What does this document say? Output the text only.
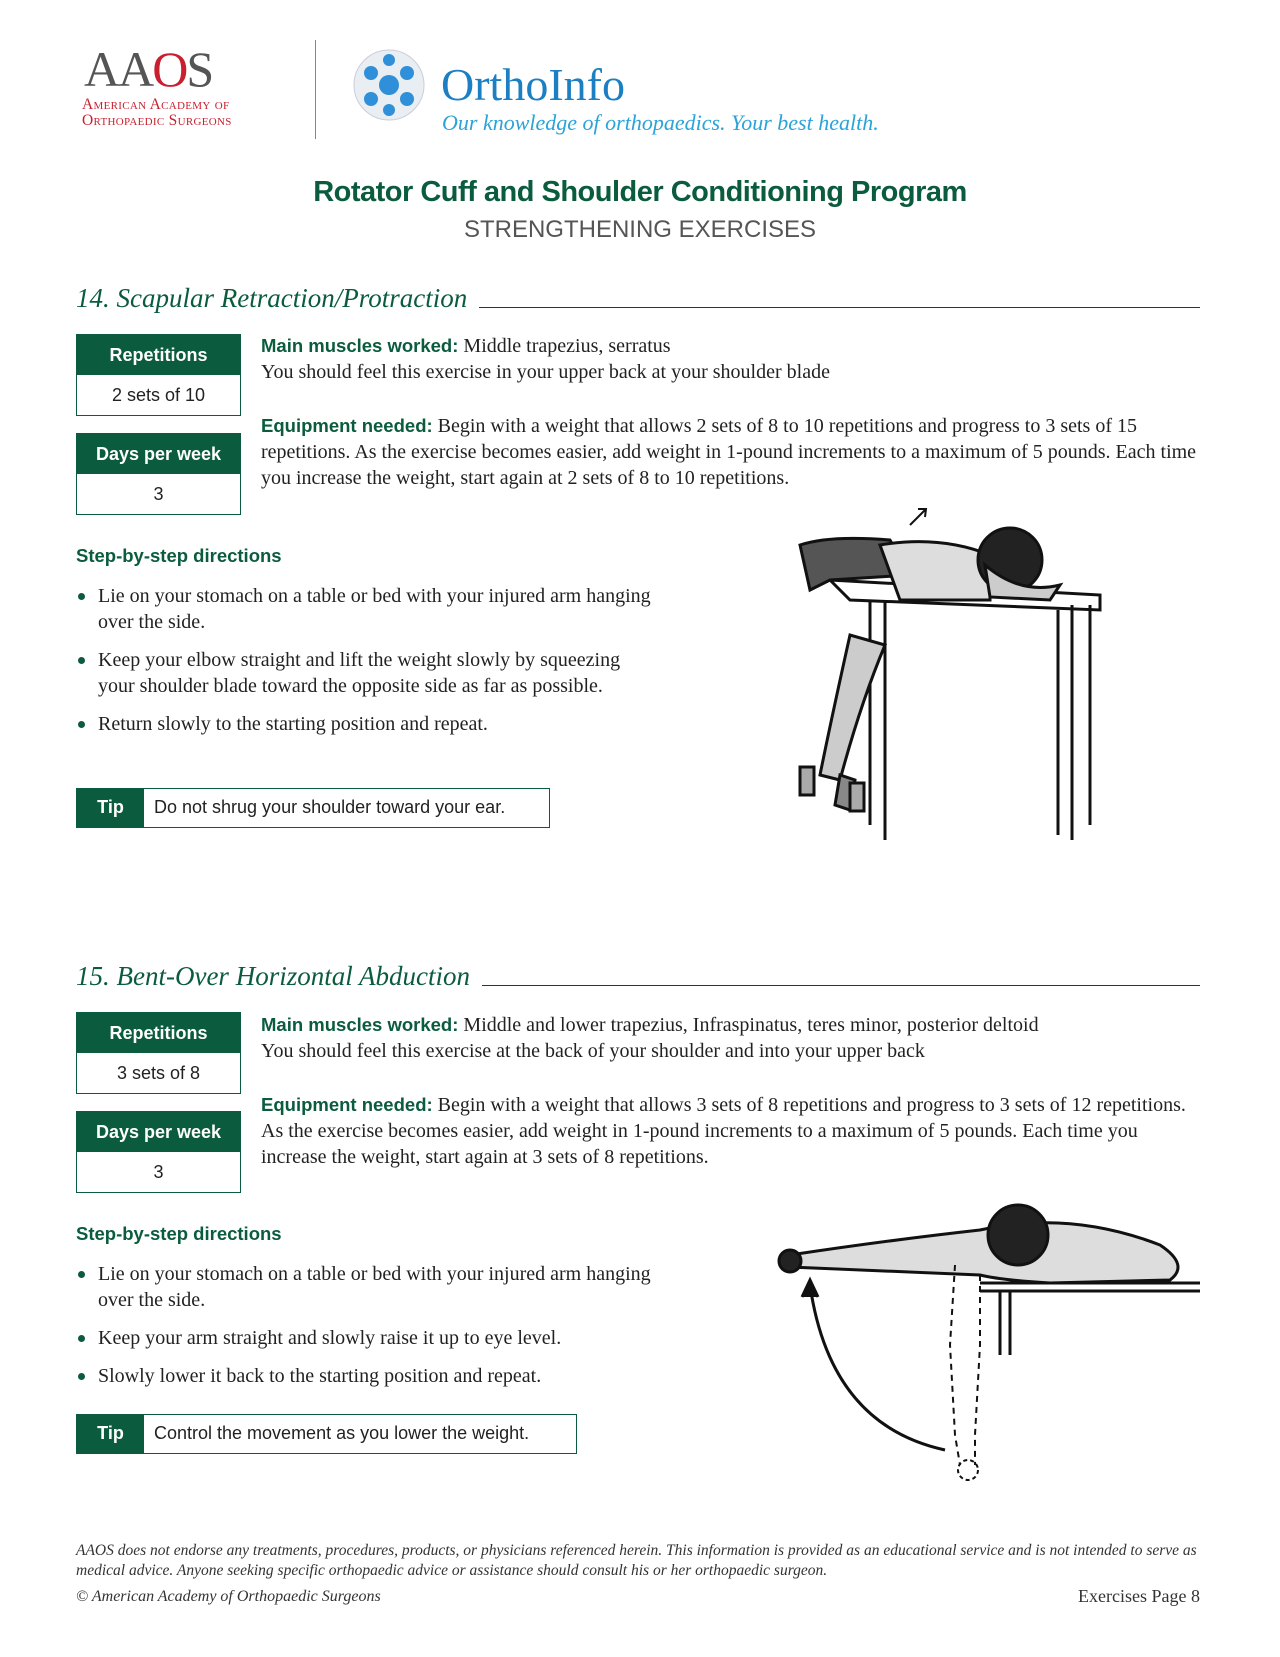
AAOS
American Academy of
Orthopaedic Surgeons
OrthoInfo
Our knowledge of orthopaedics. Your best health.
Rotator Cuff and Shoulder Conditioning Program
STRENGTHENING EXERCISES
14. Scapular Retraction/Protraction
Repetitions
2 sets of 10
Days per week
3
Main muscles worked: Middle trapezius, serratus
You should feel this exercise in your upper back at your shoulder blade
Equipment needed: Begin with a weight that allows 2 sets of 8 to 10 repetitions and progress to 3 sets of 15 repetitions. As the exercise becomes easier, add weight in 1-pound increments to a maximum of 5 pounds. Each time you increase the weight, start again at 2 sets of 8 to 10 repetitions.
Step-by-step directions
Lie on your stomach on a table or bed with your injured arm hanging over the side.
Keep your elbow straight and lift the weight slowly by squeezing your shoulder blade toward the opposite side as far as possible.
Return slowly to the starting position and repeat.
Tip	Do not shrug your shoulder toward your ear.
15. Bent-Over Horizontal Abduction
Repetitions
3 sets of 8
Days per week
3
Main muscles worked: Middle and lower trapezius, Infraspinatus, teres minor, posterior deltoid
You should feel this exercise at the back of your shoulder and into your upper back
Equipment needed: Begin with a weight that allows 3 sets of 8 repetitions and progress to 3 sets of 12 repetitions. As the exercise becomes easier, add weight in 1-pound increments to a maximum of 5 pounds. Each time you increase the weight, start again at 3 sets of 8 repetitions.
Step-by-step directions
Lie on your stomach on a table or bed with your injured arm hanging over the side.
Keep your arm straight and slowly raise it up to eye level.
Slowly lower it back to the starting position and repeat.
Tip	Control the movement as you lower the weight.
AAOS does not endorse any treatments, procedures, products, or physicians referenced herein. This information is provided as an educational service and is not intended to serve as medical advice. Anyone seeking specific orthopaedic advice or assistance should consult his or her orthopaedic surgeon.
© American Academy of Orthopaedic Surgeons	Exercises Page 8
